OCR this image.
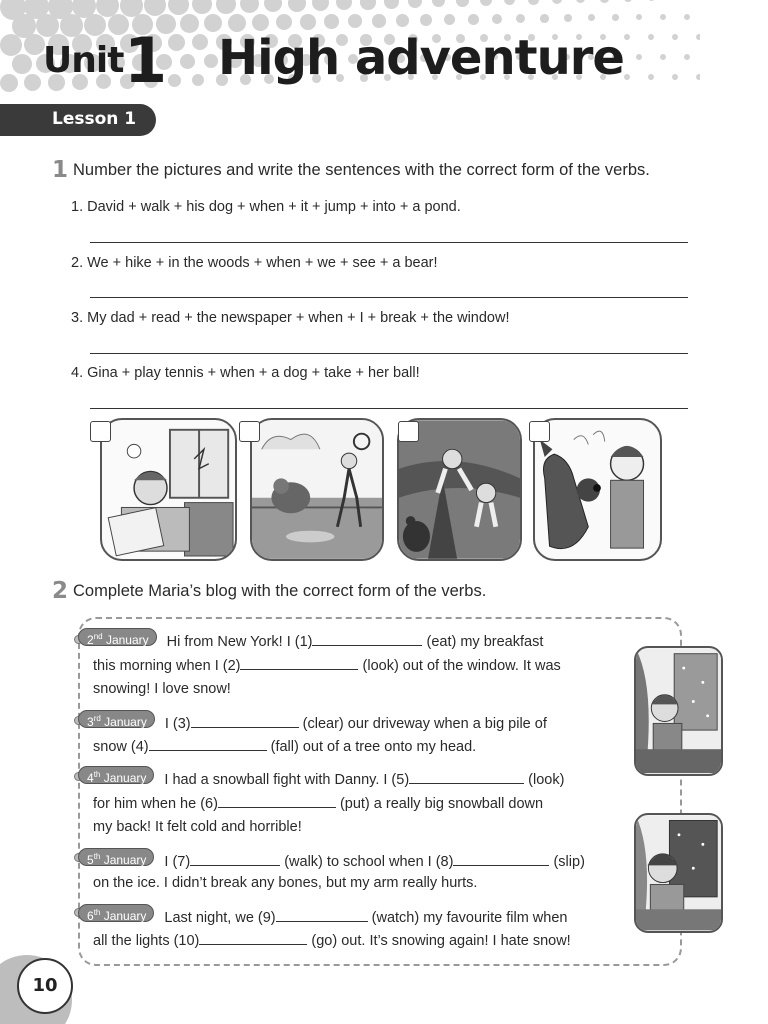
Unit 1 High adventure
Lesson 1
1 Number the pictures and write the sentences with the correct form of the verbs.
1. David + walk + his dog + when + it + jump + into + a pond.
2. We + hike + in the woods + when + we + see + a bear!
3. My dad + read + the newspaper + when + I + break + the window!
4. Gina + play tennis + when + a dog + take + her ball!
2 Complete Maria’s blog with the correct form of the verbs.
2nd January Hi from New York! I (1)	(eat) my breakfast
this morning when I (2)	(look) out of the window. It was
snowing! I love snow!
3rd January I (3)	(clear) our driveway when a big pile of
snow (4)	(fall) out of a tree onto my head.
4th January I had a snowball fight with Danny. I (5)	(look)
for him when he (6)	(put) a really big snowball down
my back! It felt cold and horrible!
5th January I (7)	(walk) to school when I (8)	(slip)
on the ice. I didn’t break any bones, but my arm really hurts.
6th January Last night, we (9)	(watch) my favourite film when
all the lights (10)	(go) out. It’s snowing again! I hate snow!
10
